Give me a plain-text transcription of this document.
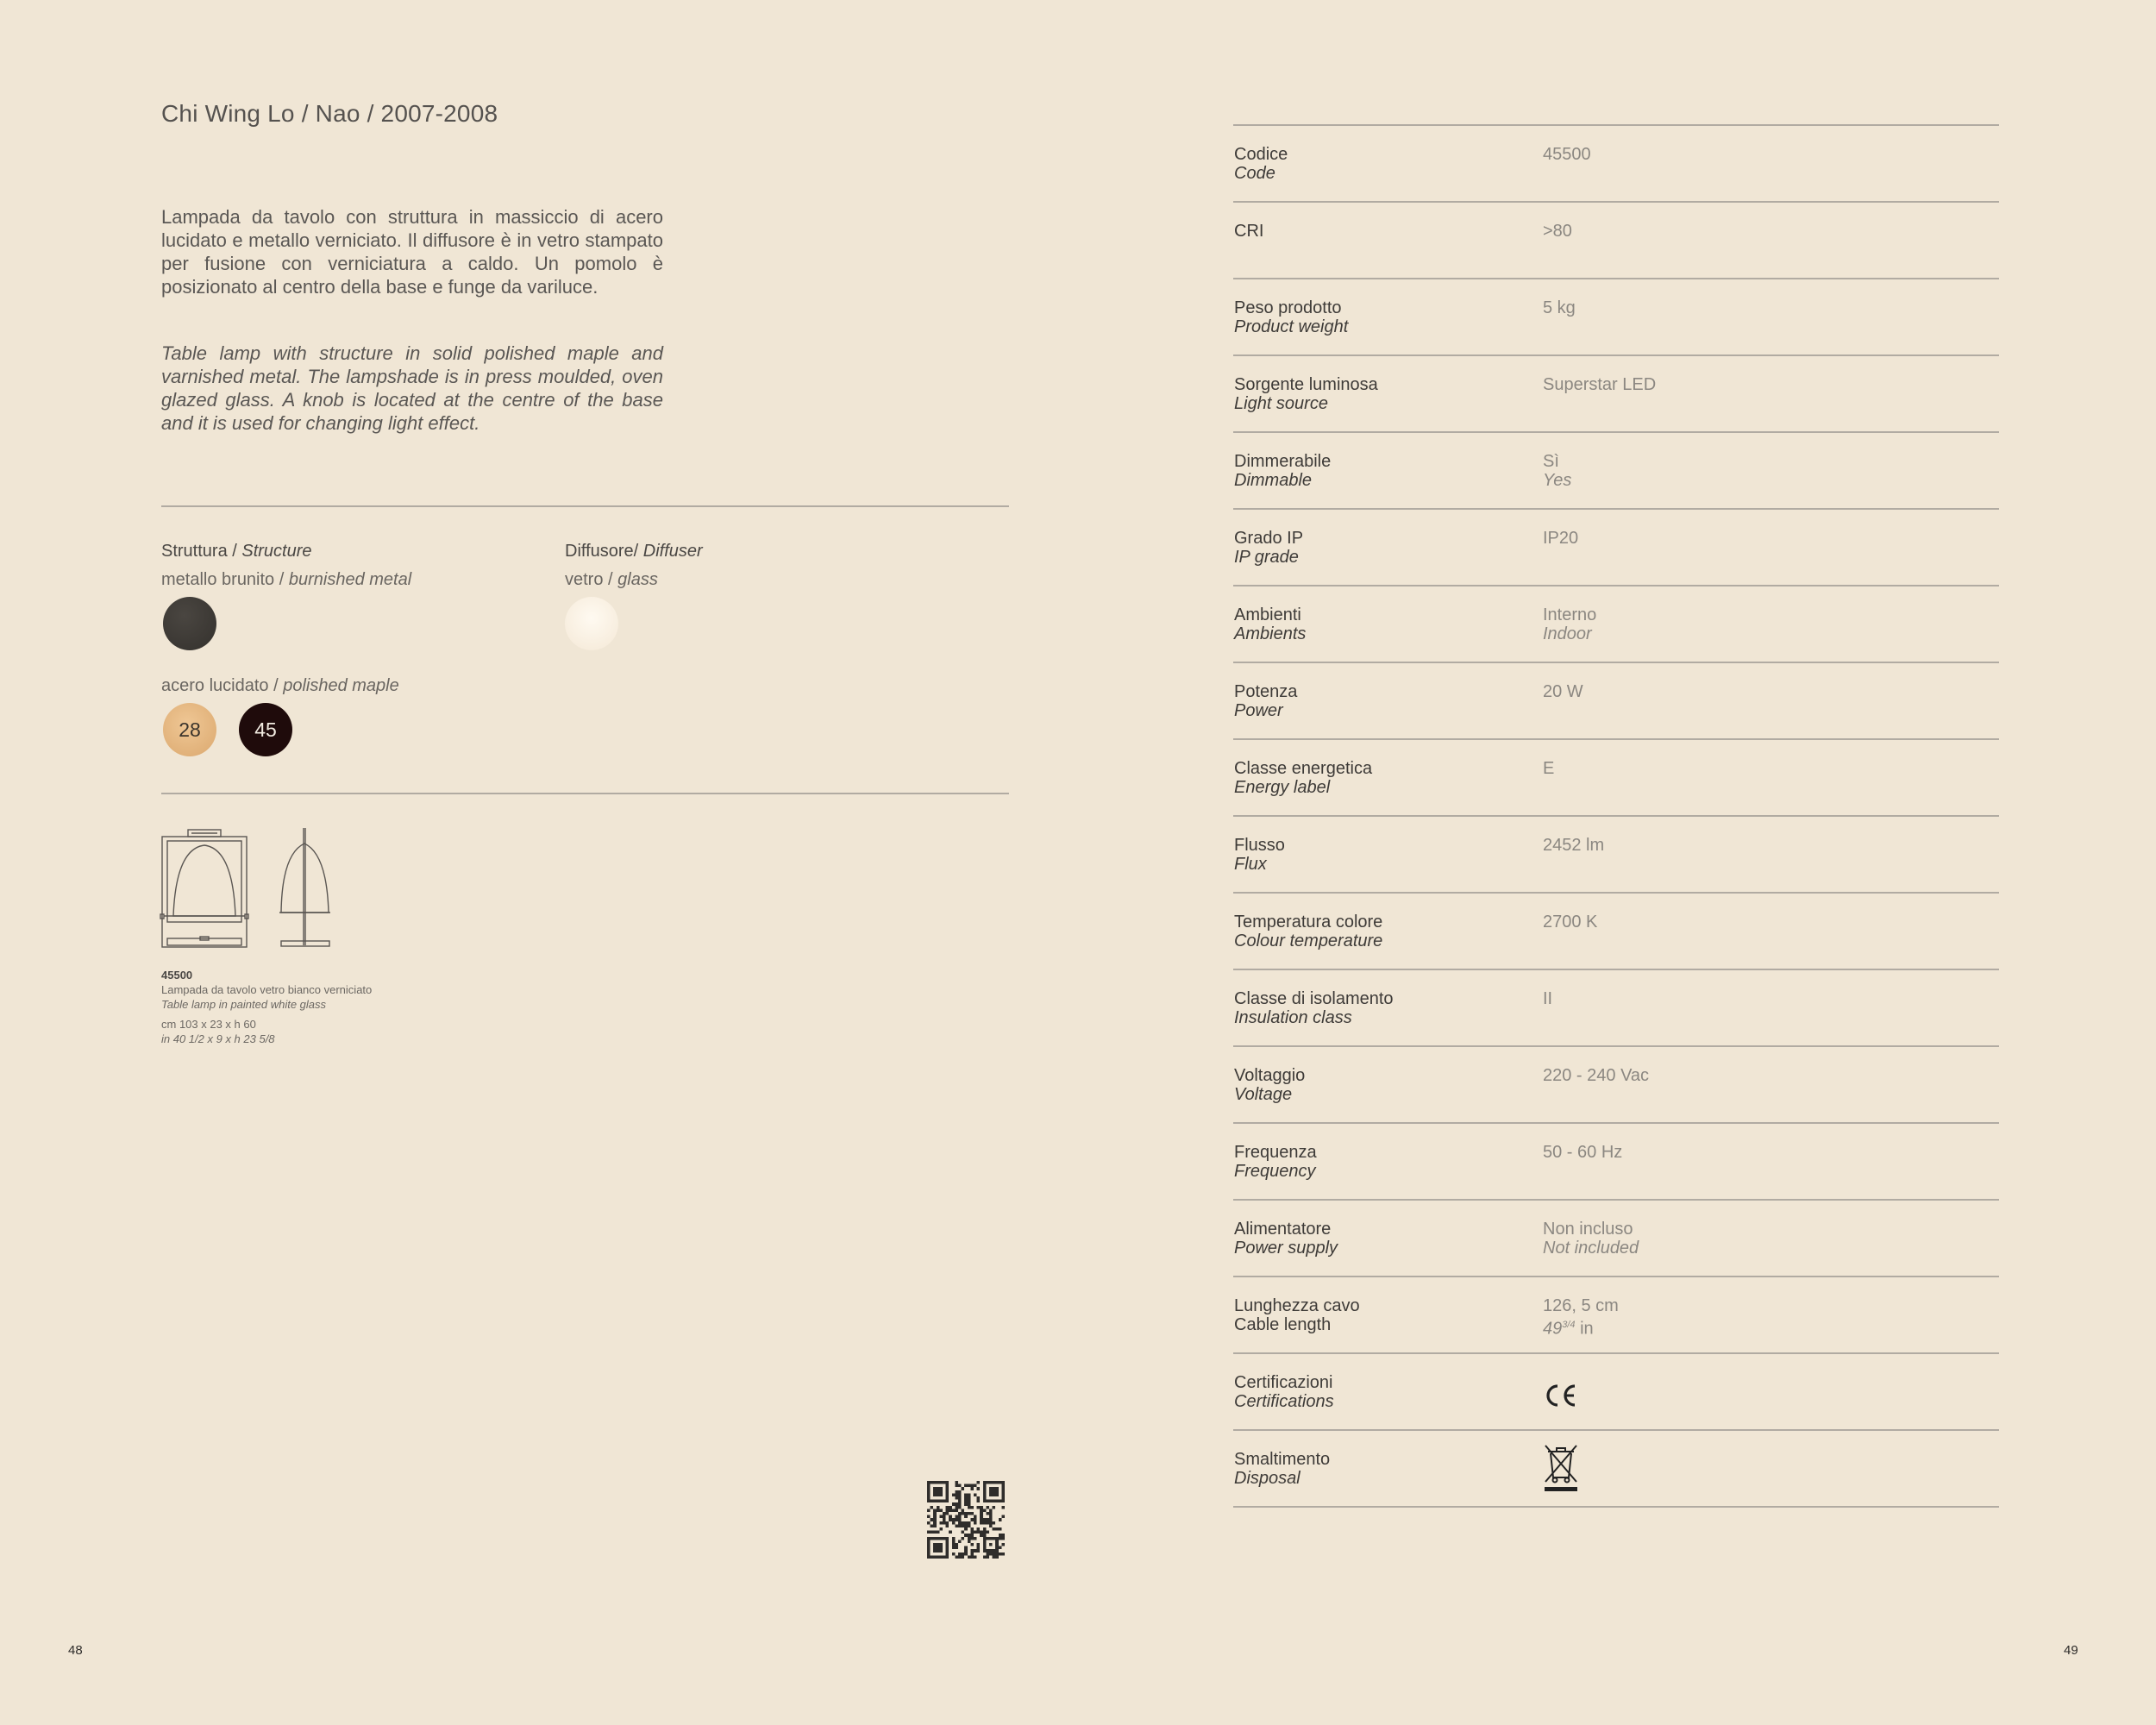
Chi Wing Lo / Nao / 2007-2008
Lampada da tavolo con struttura in massiccio di acero lucidato e metallo verniciato. Il diffusore è in vetro stampato per fusione con verniciatura a caldo. Un pomolo è posizionato al centro della base e funge da variluce.
Table lamp with structure in solid polished maple and varnished metal. The lampshade is in press moulded, oven glazed glass. A knob is located at the centre of the base and it is used for changing light effect.
Struttura / Structure
metallo brunito / burnished metal
Diffusore/ Diffuser
vetro / glass
acero lucidato / polished maple
28	45
45500
Lampada da tavolo vetro bianco verniciato
Table lamp in painted white glass
cm 103 x 23 x h 60
in 40 1/2 x 9 x h 23 5/8
48
Codice
Code
45500
CRI	>80
Peso prodotto
Product weight
5 kg
Sorgente luminosa
Light source
Superstar LED
Dimmerabile
Dimmable
Sì
Yes
Grado IP
IP grade
IP20
Ambienti
Ambients
Interno
Indoor
Potenza
Power
20 W
Classe energetica
Energy label
E
Flusso
Flux
2452 lm
Temperatura colore
Colour temperature
2700 K
Classe di isolamento
Insulation class
II
Voltaggio
Voltage
220 - 240 Vac
Frequenza
Frequency
50 - 60 Hz
Alimentatore
Power supply
Non incluso
Not included
Lunghezza cavo
Cable length
126, 5 cm
$49^{3/4}$ in
Certificazioni
Certifications
Smaltimento
Disposal
49
